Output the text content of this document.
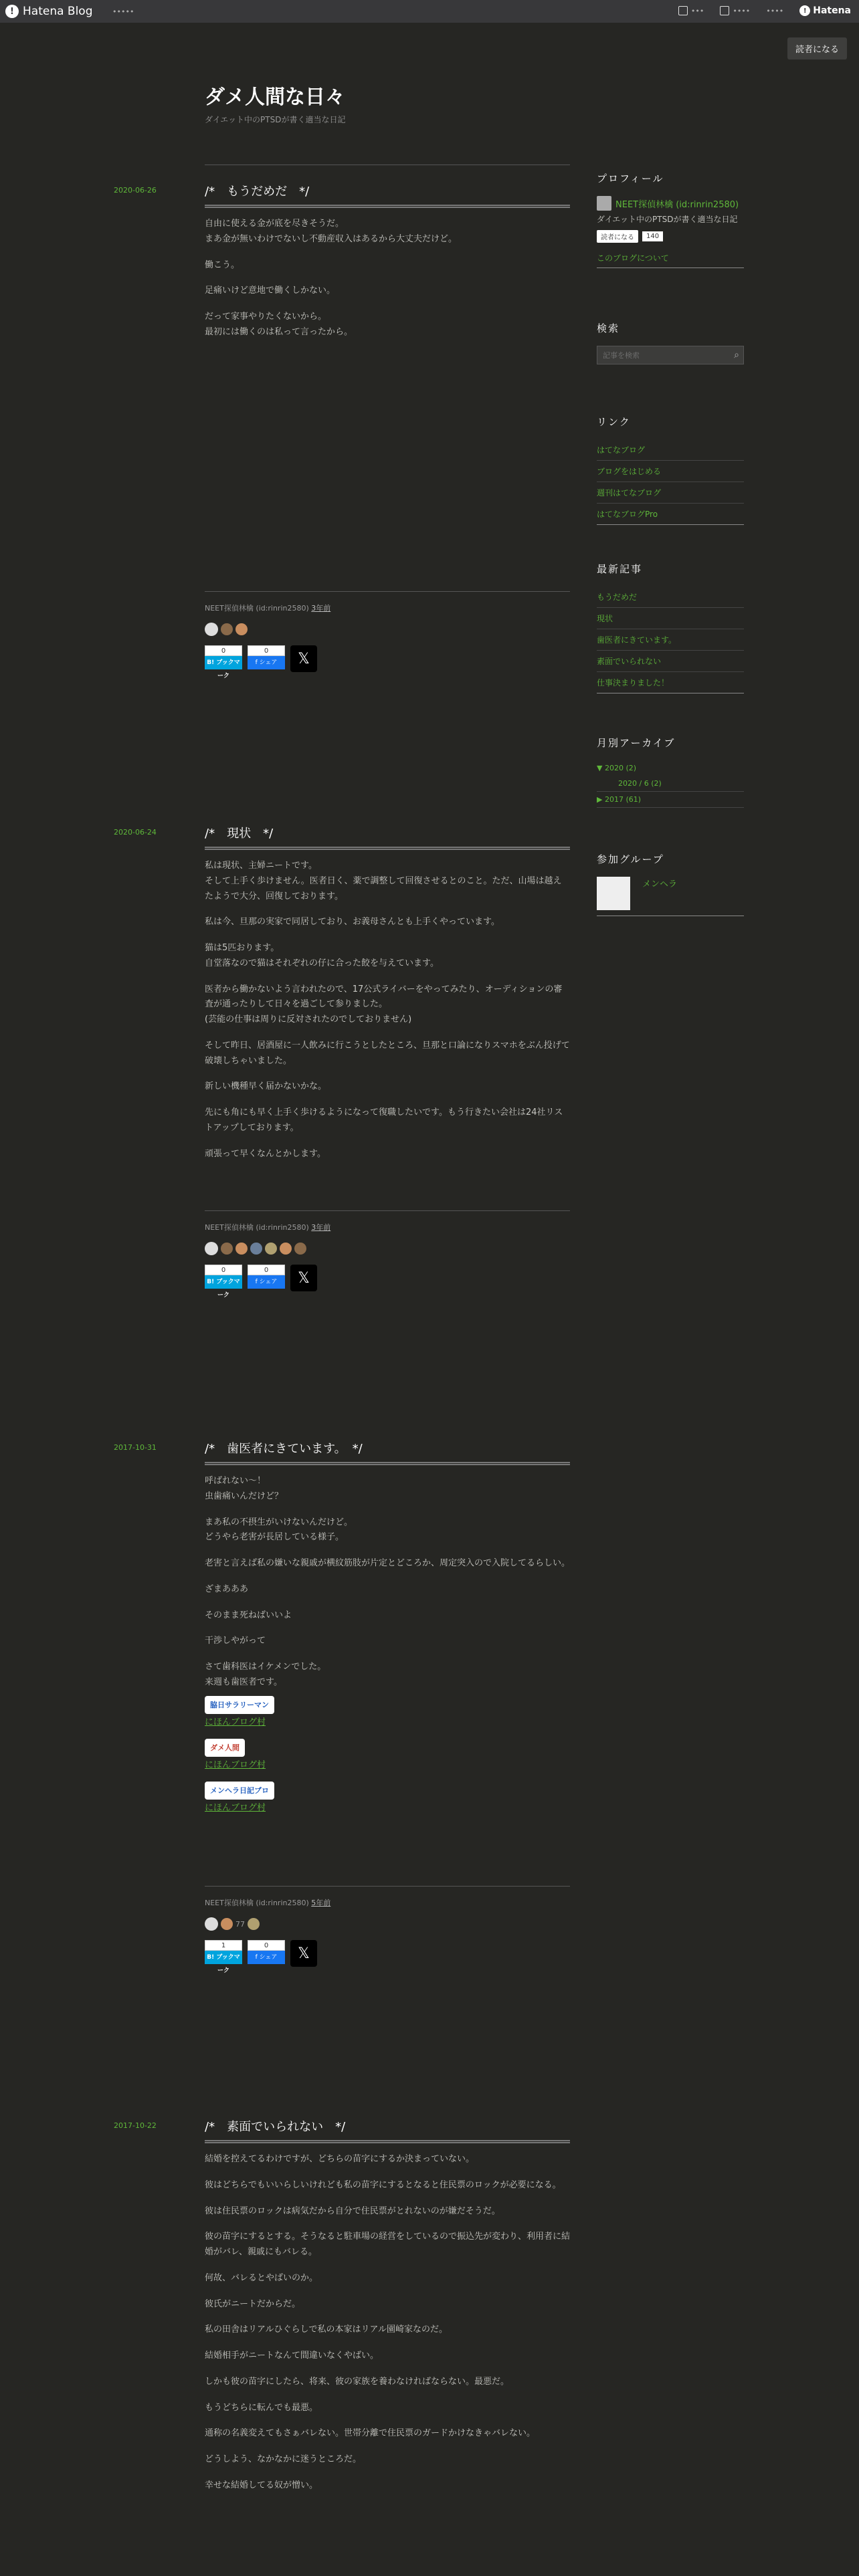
! Hatena Blog	•••••	•••	•••• ••••	! Hatena
読者になる
ダメ人間な日々
ダイエット中のPTSDが書く適当な日記
2020-06-26	/*　もうだめだ　*/

自由に使える金が底を尽きそうだ。
まあ金が無いわけでないし不動産収入はあるから大丈夫だけど。

働こう。

足痛いけど意地で働くしかない。

だって家事やりたくないから。
最初には働くのは私って言ったから。

NEET探偵林檎 (id:rinrin2580) 3年前
0
B! ブックマーク
0
f シェア	𝕏
2020-06-24	/*　現状　*/

私は現状、主婦ニートです。
そして上手く歩けません。医者日く、薬で調整して回復させるとのこと。ただ、山場は越えたようで大分、回復しております。

私は今、旦那の実家で同居しており、お義母さんとも上手くやっています。

猫は5匹おります。
自堂落なので猫はそれぞれの仔に合った餃を与えています。

医者から働かないよう言われたので、17公式ライバーをやってみたり、オーディションの審査が通ったりして日々を過ごして参りました。
(芸能の仕事は周りに反対されたのでしておりません)

そして昨日、居酒屋に一人飲みに行こうとしたところ、旦那と口論になりスマホをぶん投げて破壊しちゃいました。

新しい機種早く届かないかな。

先にも角にも早く上手く歩けるようになって復職したいです。もう行きたい会社は24社リストアップしております。

頑張って早くなんとかします。

NEET探偵林檎 (id:rinrin2580) 3年前
0
B! ブックマーク
0
f シェア	𝕏
2017-10-31	/*　歯医者にきています。　*/

呼ばれない〜！
虫歯痛いんだけど？

まあ私の不摂生がいけないんだけど。
どうやら老害が長居している様子。

老害と言えば私の嫌いな親戚が横紋筋肢が片定とどころか、周定突入ので入院してるらしい。

ざまあああ

そのまま死ねばいいよ

干渉しやがって

さて歯科医はイケメンでした。
来週も歯医者です。

脇日サラリーマン
にほんブログ村
ダメ人間
にほんブログ村
メンヘラ日記ブロ
にほんブログ村
NEET探偵林檎 (id:rinrin2580) 5年前
77
1
B! ブックマーク
0
f シェア	𝕏
2017-10-22	/*　素面でいられない　*/

結婚を控えてるわけですが、どちらの苗字にするか決まっていない。

彼はどちらでもいいらしいけれども私の苗字にするとなると住民票のロックが必要になる。

彼は住民票のロックは病気だから自分で住民票がとれないのが嫌だそうだ。

彼の苗字にするとする。そうなると駐車場の経営をしているので振込先が変わり、利用者に結婚がバレ、親戚にもバレる。

何故、バレるとやばいのか。

彼氏がニートだからだ。

私の田舎はリアルひぐらしで私の本家はリアル園崎家なのだ。

結婚相手がニートなんて間違いなくやばい。

しかも彼の苗字にしたら、将来、彼の家族を養わなければならない。最悪だ。

もうどちらに転んでも最悪。

通称の名義変えてもさぁバレない。世帯分離で住民票のガードかけなきゃバレない。

どうしよう、なかなかに迷うところだ。

幸せな結婚してる奴が憎い。

プロフィール
NEET探偵林檎 (id:rinrin2580)
ダイエット中のPTSDが書く適当な日記
読者になる	140
このブログについて
検索
記事を検索
⌕
リンク
はてなブログ
ブログをはじめる
週刊はてなブログ
はてなブログPro
最新記事
もうだめだ
現状
歯医者にきています。
素面でいられない
仕事決まりました！
月別アーカイブ
▼ 2020 (2)
2020 / 6 (2)
▶ 2017 (61)
参加グループ
メンヘラ
